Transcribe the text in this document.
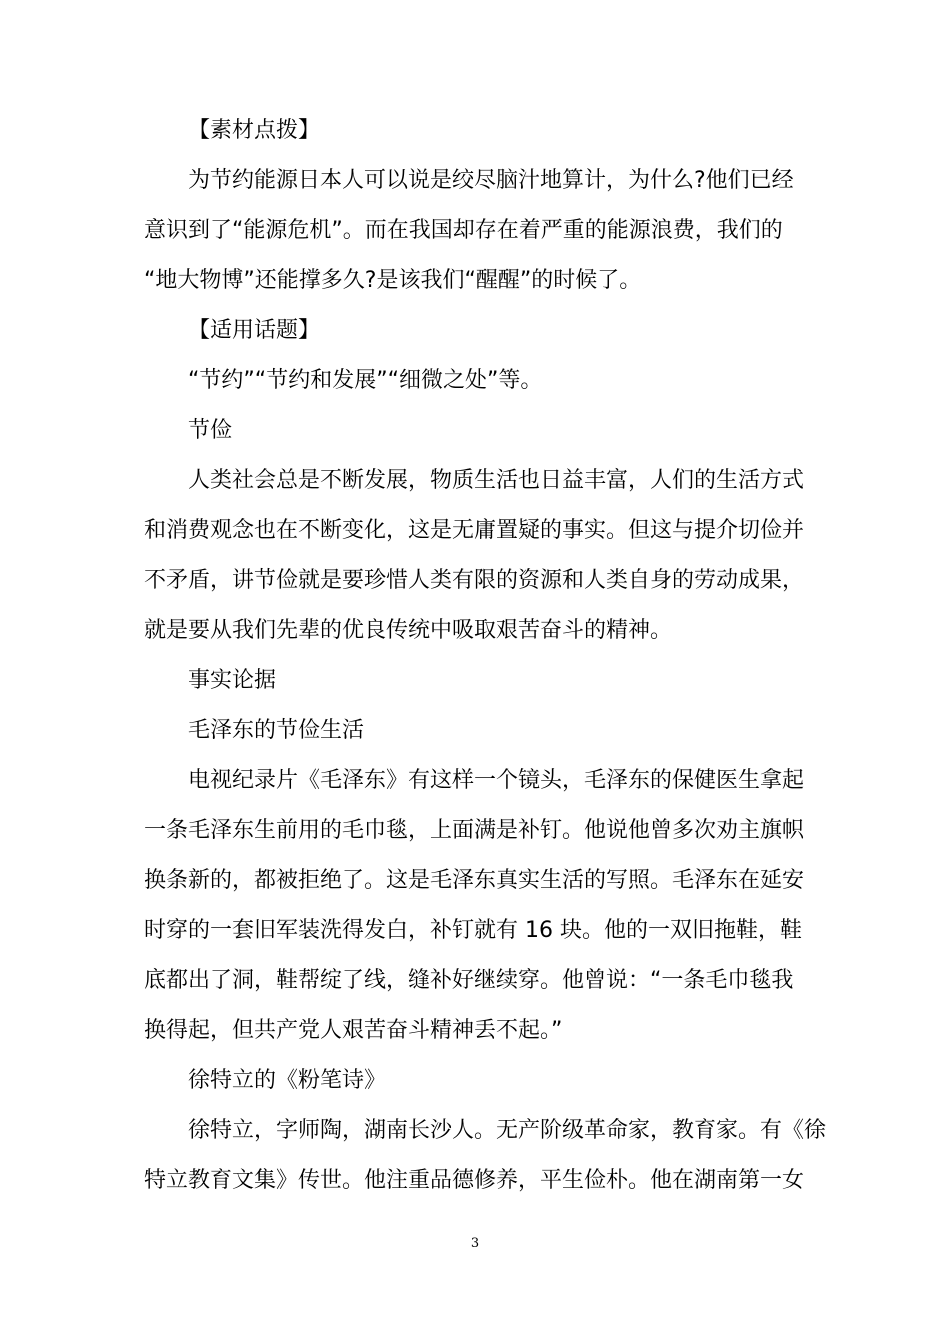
【素材点拨】

为节约能源日本人可以说是绞尽脑汁地算计，为什么?他们已经

意识到了“能源危机”。而在我国却存在着严重的能源浪费，我们的

“地大物博”还能撑多久?是该我们“醒醒”的时候了。

【适用话题】

“节约”“节约和发展”“细微之处”等。

节俭

人类社会总是不断发展，物质生活也日益丰富，人们的生活方式

和消费观念也在不断变化，这是无庸置疑的事实。但这与提介切俭并

不矛盾，讲节俭就是要珍惜人类有限的资源和人类自身的劳动成果，

就是要从我们先辈的优良传统中吸取艰苦奋斗的精神。

事实论据

毛泽东的节俭生活

电视纪录片《毛泽东》有这样一个镜头，毛泽东的保健医生拿起

一条毛泽东生前用的毛巾毯，上面满是补钉。他说他曾多次劝主旗帜

换条新的，都被拒绝了。这是毛泽东真实生活的写照。毛泽东在延安

时穿的一套旧军装洗得发白，补钉就有 16 块。他的一双旧拖鞋，鞋

底都出了洞，鞋帮绽了线，缝补好继续穿。他曾说：“一条毛巾毯我

换得起，但共产党人艰苦奋斗精神丢不起。”

徐特立的《粉笔诗》

徐特立，字师陶，湖南长沙人。无产阶级革命家，教育家。有《徐

特立教育文集》传世。他注重品德修养，平生俭朴。他在湖南第一女

3
